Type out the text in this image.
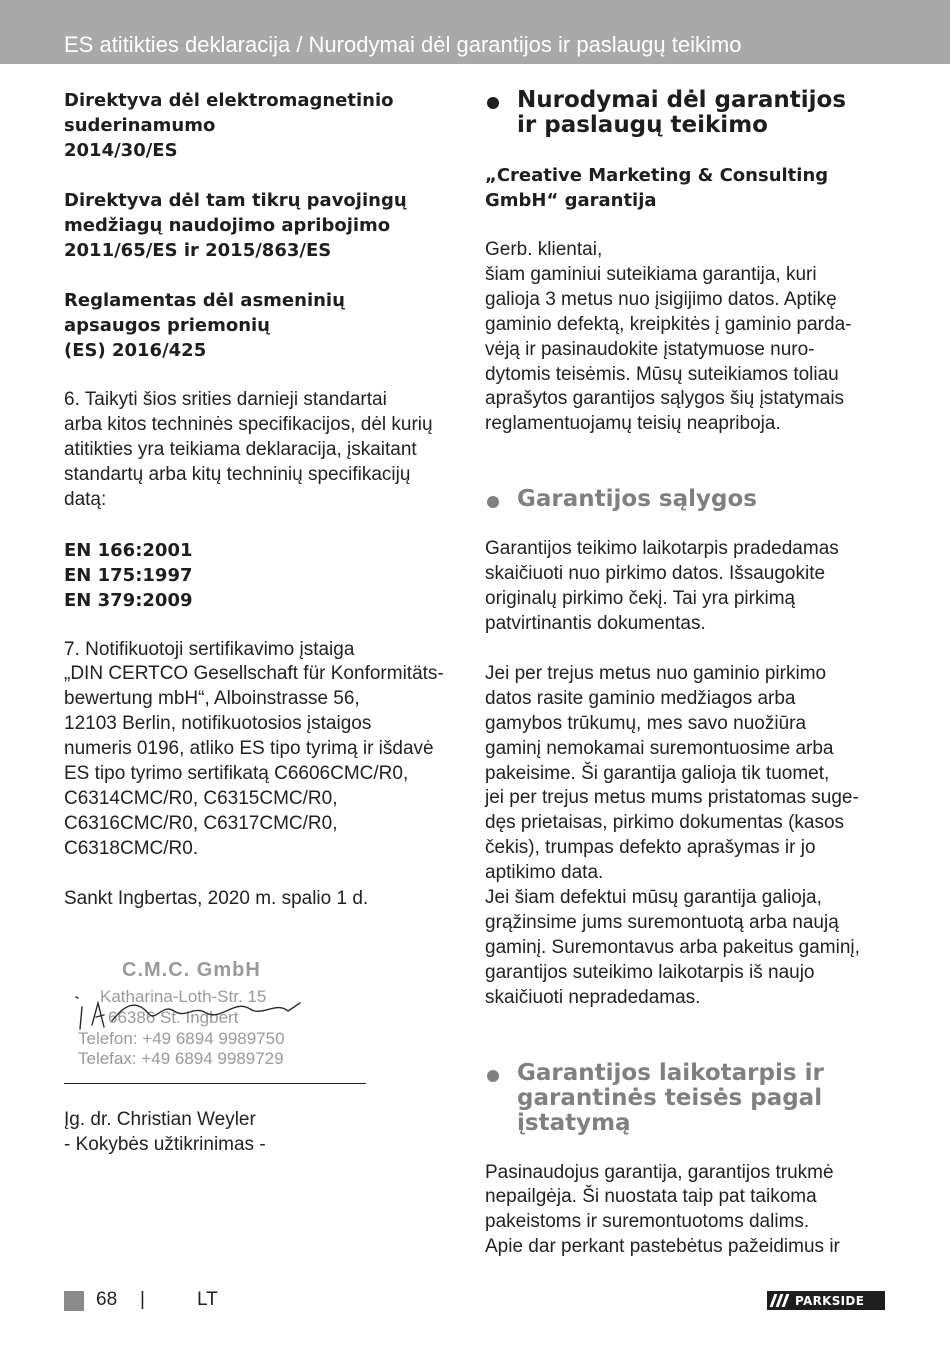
ES atitikties deklaracija / Nurodymai dėl garantijos ir paslaugų teikimo
Direktyva dėl elektromagnetinio
suderinamumo
2014/30/ES
Direktyva dėl tam tikrų pavojingų
medžiagų naudojimo apribojimo
2011/65/ES ir 2015/863/ES
Reglamentas dėl asmeninių
apsaugos priemonių
(ES) 2016/425
6. Taikyti šios srities darnieji standartai
arba kitos techninės specifikacijos, dėl kurių
atitikties yra teikiama deklaracija, įskaitant
standartų arba kitų techninių specifikacijų
datą:
EN 166:2001
EN 175:1997
EN 379:2009
7. Notifikuotoji sertifikavimo įstaiga
„DIN CERTCO Gesellschaft für Konformitäts-
bewertung mbH“, Alboinstrasse 56,
12103 Berlin, notifikuotosios įstaigos
numeris 0196, atliko ES tipo tyrimą ir išdavė
ES tipo tyrimo sertifikatą C6606CMC/R0,
C6314CMC/R0, C6315CMC/R0,
C6316CMC/R0, C6317CMC/R0,
C6318CMC/R0.
Sankt Ingbertas, 2020 m. spalio 1 d.
C.M.C. GmbH
Katharina-Loth-Str. 15
66386 St. Ingbert
Telefon: +49 6894 9989750
Telefax: +49 6894 9989729
Įg. dr. Christian Weyler
- Kokybės užtikrinimas -
Nurodymai dėl garantijos
ir paslaugų teikimo
„Creative Marketing & Consulting
GmbH“ garantija
Gerb. klientai,
šiam gaminiui suteikiama garantija, kuri
galioja 3 metus nuo įsigijimo datos. Aptikę
gaminio defektą, kreipkitės į gaminio parda-
vėją ir pasinaudokite įstatymuose nuro-
dytomis teisėmis. Mūsų suteikiamos toliau
aprašytos garantijos sąlygos šių įstatymais
reglamentuojamų teisių neapriboja.
Garantijos sąlygos
Garantijos teikimo laikotarpis pradedamas
skaičiuoti nuo pirkimo datos. Išsaugokite
originalų pirkimo čekį. Tai yra pirkimą
patvirtinantis dokumentas.
Jei per trejus metus nuo gaminio pirkimo
datos rasite gaminio medžiagos arba
gamybos trūkumų, mes savo nuožiūra
gaminį nemokamai suremontuosime arba
pakeisime. Ši garantija galioja tik tuomet,
jei per trejus metus mums pristatomas suge-
dęs prietaisas, pirkimo dokumentas (kasos
čekis), trumpas defekto aprašymas ir jo
aptikimo data.
Jei šiam defektui mūsų garantija galioja,
grąžinsime jums suremontuotą arba naują
gaminį. Suremontavus arba pakeitus gaminį,
garantijos suteikimo laikotarpis iš naujo
skaičiuoti nepradedamas.
Garantijos laikotarpis ir
garantinės teisės pagal
įstatymą
Pasinaudojus garantija, garantijos trukmė
nepailgėja. Ši nuostata taip pat taikoma
pakeistoms ir suremontuotoms dalims.
Apie dar perkant pastebėtus pažeidimus ir
68 |	LT	PARKSIDE
